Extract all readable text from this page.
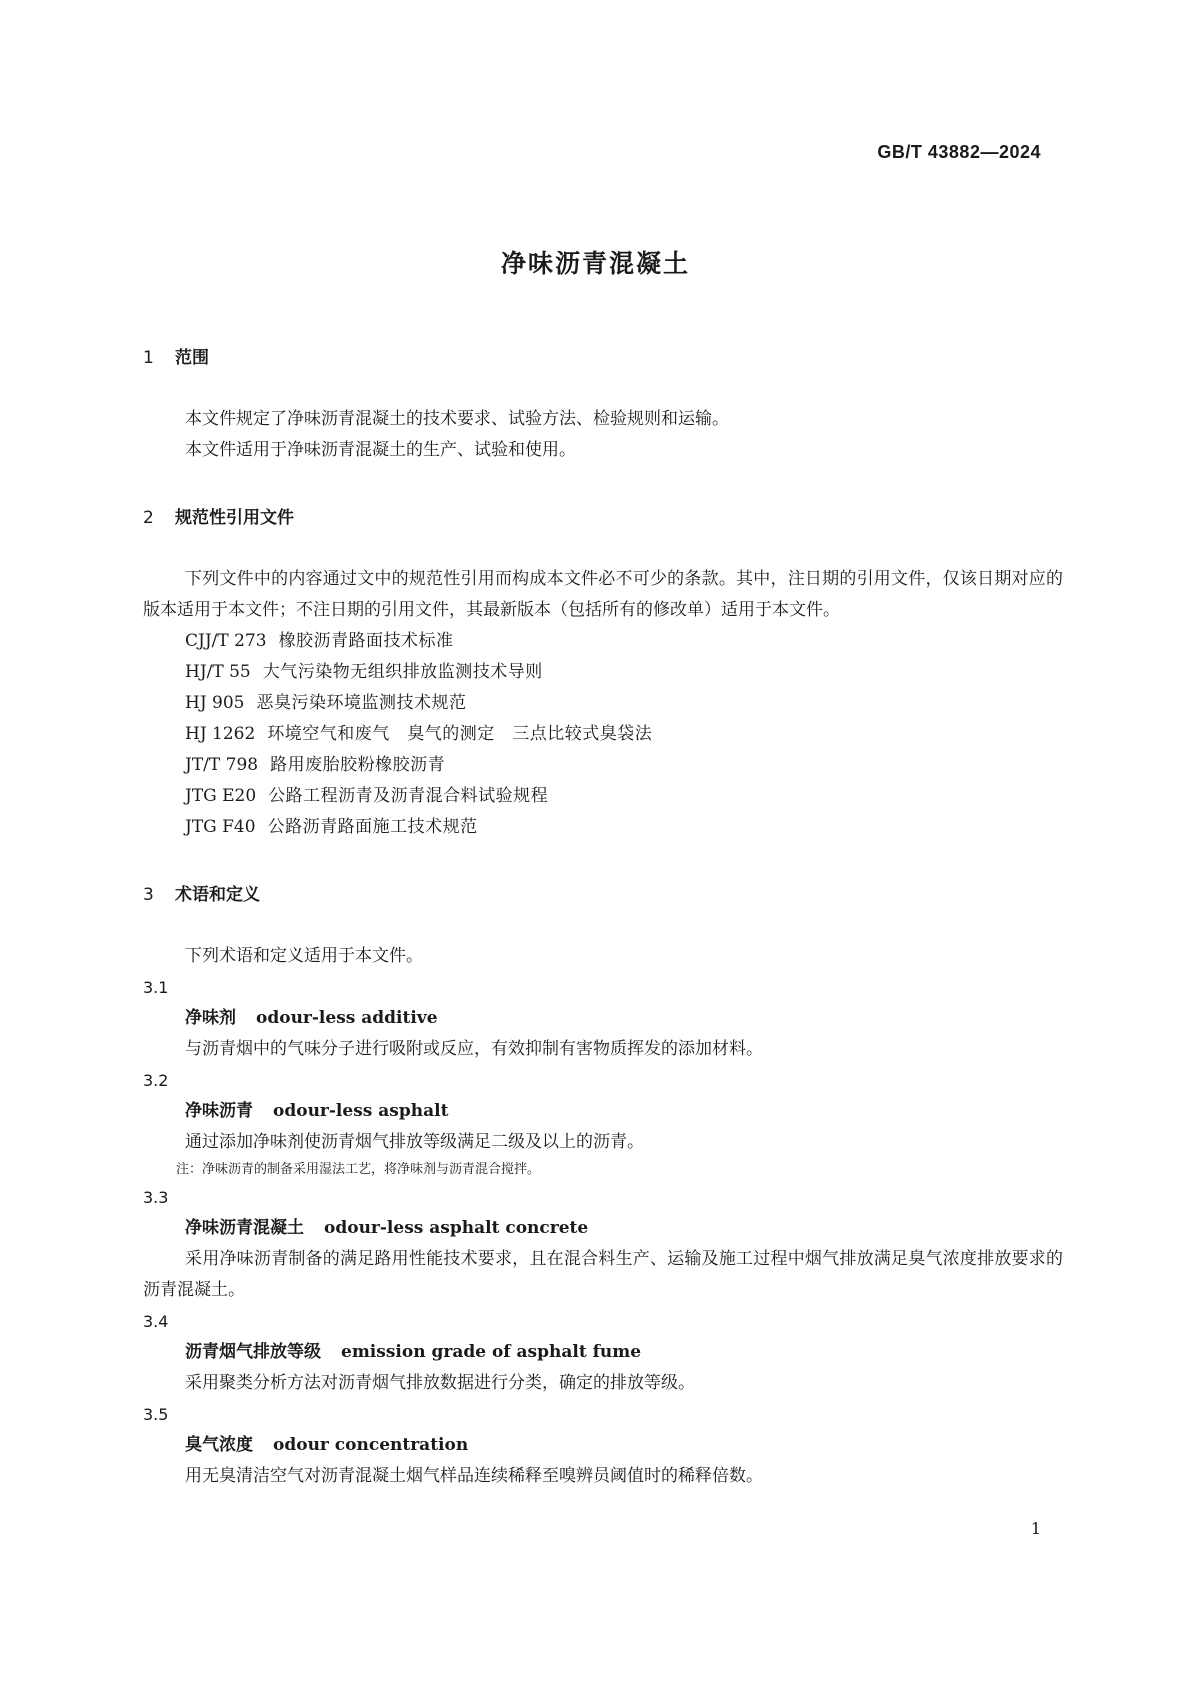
GB/T 43882—2024
净味沥青混凝土
1	范围
本文件规定了净味沥青混凝土的技术要求、试验方法、检验规则和运输。
本文件适用于净味沥青混凝土的生产、试验和使用。
2	规范性引用文件
下列文件中的内容通过文中的规范性引用而构成本文件必不可少的条款。其中，注日期的引用文件，仅该日期对应的版本适用于本文件；不注日期的引用文件，其最新版本（包括所有的修改单）适用于本文件。
CJJ/T 273 橡胶沥青路面技术标准
HJ/T 55 大气污染物无组织排放监测技术导则
HJ 905 恶臭污染环境监测技术规范
HJ 1262 环境空气和废气　臭气的测定　三点比较式臭袋法
JT/T 798 路用废胎胶粉橡胶沥青
JTG E20 公路工程沥青及沥青混合料试验规程
JTG F40 公路沥青路面施工技术规范
3	术语和定义
下列术语和定义适用于本文件。
3.1
净味剂 odour-less additive
与沥青烟中的气味分子进行吸附或反应，有效抑制有害物质挥发的添加材料。
3.2
净味沥青 odour-less asphalt
通过添加净味剂使沥青烟气排放等级满足二级及以上的沥青。
注：净味沥青的制备采用湿法工艺，将净味剂与沥青混合搅拌。
3.3
净味沥青混凝土 odour-less asphalt concrete
采用净味沥青制备的满足路用性能技术要求，且在混合料生产、运输及施工过程中烟气排放满足臭气浓度排放要求的沥青混凝土。
3.4
沥青烟气排放等级 emission grade of asphalt fume
采用聚类分析方法对沥青烟气排放数据进行分类，确定的排放等级。
3.5
臭气浓度 odour concentration
用无臭清洁空气对沥青混凝土烟气样品连续稀释至嗅辨员阈值时的稀释倍数。
1
